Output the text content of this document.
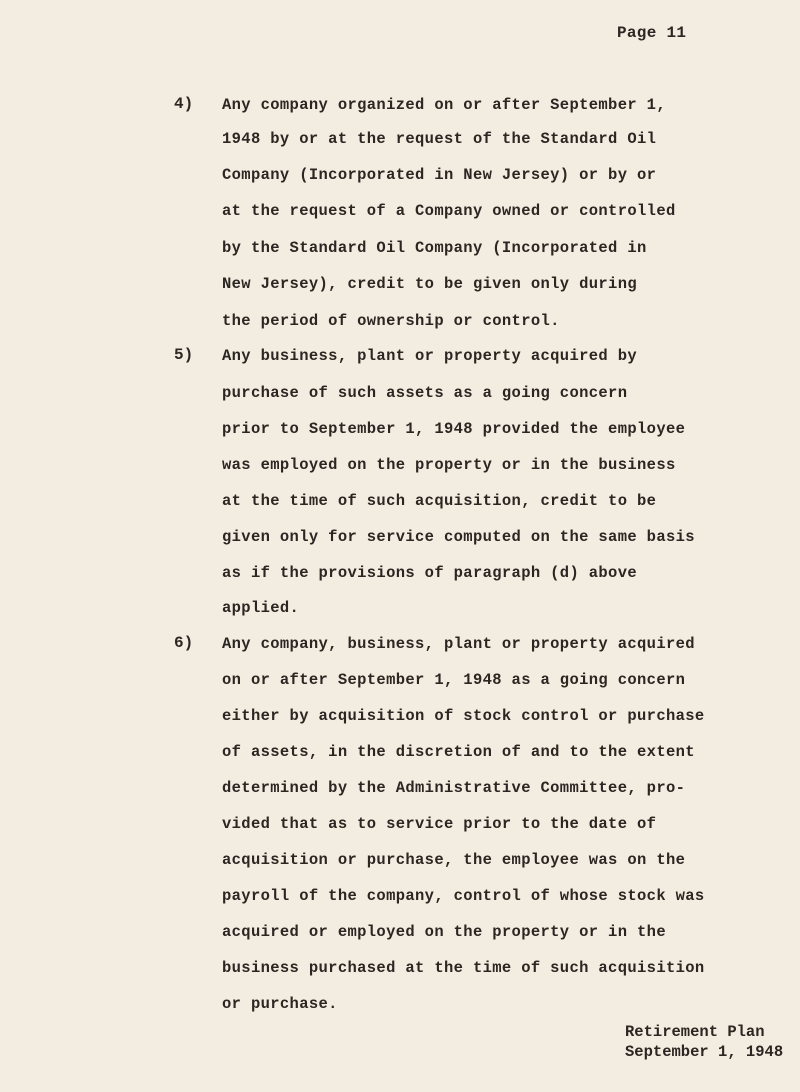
Page 11
4) Any company organized on or after September 1,
1948 by or at the request of the Standard Oil
Company (Incorporated in New Jersey) or by or
at the request of a Company owned or controlled
by the Standard Oil Company (Incorporated in
New Jersey), credit to be given only during
the period of ownership or control.
5) Any business, plant or property acquired by
purchase of such assets as a going concern
prior to September 1, 1948 provided the employee
was employed on the property or in the business
at the time of such acquisition, credit to be
given only for service computed on the same basis
as if the provisions of paragraph (d) above
applied.
6) Any company, business, plant or property acquired
on or after September 1, 1948 as a going concern
either by acquisition of stock control or purchase
of assets, in the discretion of and to the extent
determined by the Administrative Committee, pro-
vided that as to service prior to the date of
acquisition or purchase, the employee was on the
payroll of the company, control of whose stock was
acquired or employed on the property or in the
business purchased at the time of such acquisition
or purchase.
Retirement Plan
September 1, 1948
